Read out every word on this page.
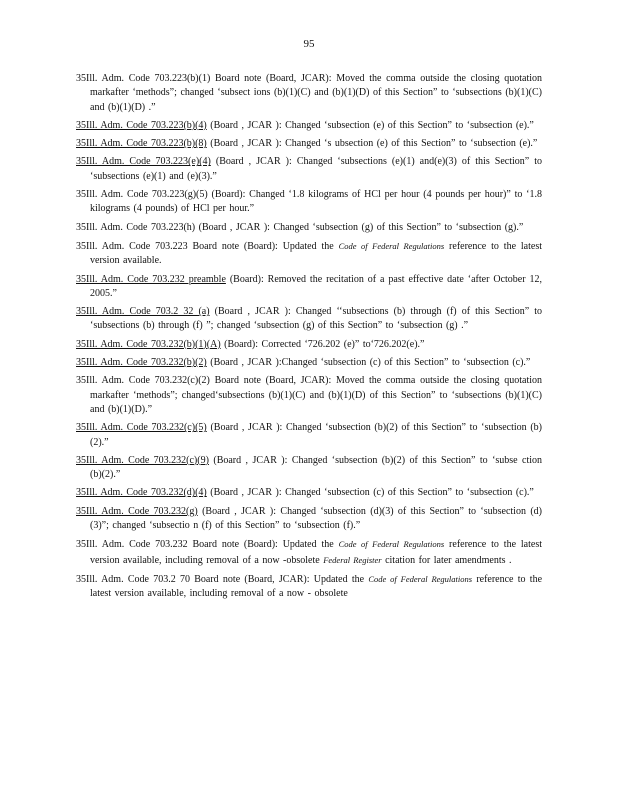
95
35Ill. Adm. Code 703.223(b)(1) Board note (Board, JCAR): Moved the comma outside the closing quotation markafter ‘methods”; changed ‘subsect ions (b)(1)(C) and (b)(1)(D) of this Section” to ‘subsections (b)(1)(C) and (b)(1)(D) .”
35Ill. Adm. Code 703.223(b)(4) (Board , JCAR ): Changed ‘subsection (e) of this Section” to ‘subsection (e).”
35Ill. Adm. Code 703.223(b)(8) (Board , JCAR ): Changed ‘s ubsection (e) of this Section” to ‘subsection (e).”
35Ill. Adm. Code 703.223(e)(4) (Board , JCAR ): Changed ‘subsections (e)(1) and(e)(3) of this Section” to ‘subsections (e)(1) and (e)(3).”
35Ill. Adm. Code 703.223(g)(5) (Board): Changed ‘1.8 kilograms of HCl per hour (4 pounds per hour)” to ‘1.8 kilograms (4 pounds) of HCl per hour.”
35Ill. Adm. Code 703.223(h) (Board , JCAR ): Changed ‘subsection (g) of this Section” to ‘subsection (g).”
35Ill. Adm. Code 703.223 Board note (Board): Updated the Code of Federal Regulations reference to the latest version available.
35Ill. Adm. Code 703.232 preamble (Board): Removed the recitation of a past effective date ‘after October 12, 2005.”
35Ill. Adm. Code 703.2 32 (a) (Board , JCAR ): Changed ‘‘subsections (b) through (f) of this Section” to ‘subsections (b) through (f) ”; changed ‘subsection (g) of this Section” to ‘subsection (g) .”
35Ill. Adm. Code 703.232(b)(1)(A) (Board): Corrected ‘726.202 (e)” to‘726.202(e).”
35Ill. Adm. Code 703.232(b)(2) (Board , JCAR ):Changed ‘subsection (c) of this Section” to ‘subsection (c).”
35Ill. Adm. Code 703.232(c)(2) Board note (Board, JCAR): Moved the comma outside the closing quotation markafter ‘methods”; changed‘subsections (b)(1)(C) and (b)(1)(D) of this Section” to ‘subsections (b)(1)(C) and (b)(1)(D).”
35Ill. Adm. Code 703.232(c)(5) (Board , JCAR ): Changed ‘subsection (b)(2) of this Section” to ‘subsection (b)(2).”
35Ill. Adm. Code 703.232(c)(9) (Board , JCAR ): Changed ‘subsection (b)(2) of this Section” to ‘subse ction (b)(2).”
35Ill. Adm. Code 703.232(d)(4) (Board , JCAR ): Changed ‘subsection (c) of this Section” to ‘subsection (c).”
35Ill. Adm. Code 703.232(g) (Board , JCAR ): Changed ‘subsection (d)(3) of this Section” to ‘subsection (d)(3)”; changed ‘subsectio n (f) of this Section” to ‘subsection (f).”
35Ill. Adm. Code 703.232 Board note (Board): Updated the Code of Federal Regulations reference to the latest version available, including removal of a now -obsolete Federal Register citation for later amendments .
35Ill. Adm. Code 703.2 70 Board note (Board, JCAR): Updated the Code of Federal Regulations reference to the latest version available, including removal of a now - obsolete
